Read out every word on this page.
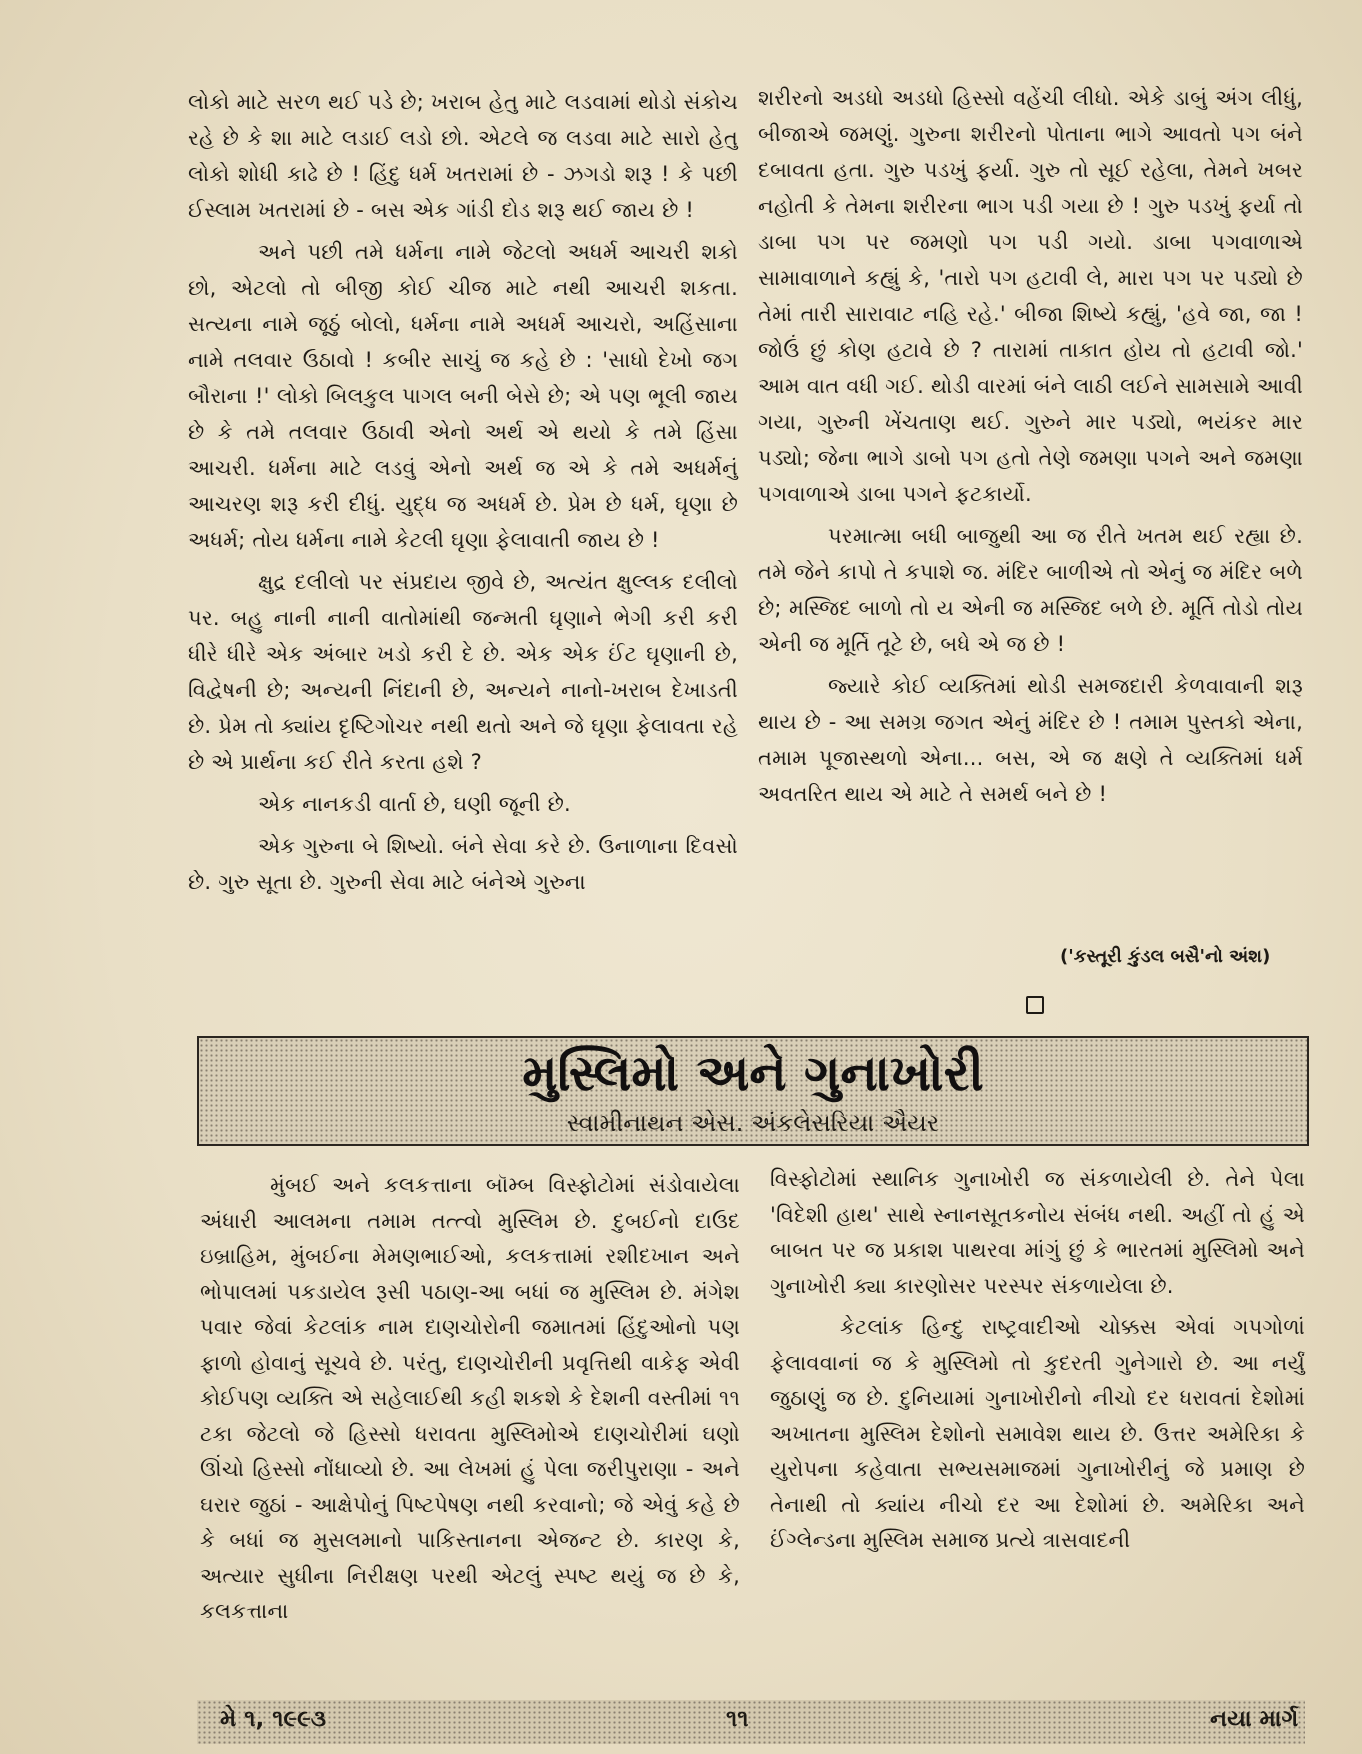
લોકો માટે સરળ થઈ પડે છે; ખરાબ હેતુ માટે લડવામાં થોડો સંકોચ રહે છે કે શા માટે લડાઈ લડો છો. એટલે જ લડવા માટે સારો હેતુ લોકો શોધી કાઢે છે ! હિંદુ ધર્મ ખતરામાં છે - ઝગડો શરૂ ! કે પછી ઈસ્લામ ખતરામાં છે - બસ એક ગાંડી દોડ શરૂ થઈ જાય છે !

અને પછી તમે ધર્મના નામે જેટલો અધર્મ આચરી શકો છો, એટલો તો બીજી કોઈ ચીજ માટે નથી આચરી શકતા. સત્યના નામે જૂઠું બોલો, ધર્મના નામે અધર્મ આચરો, અહિંસાના નામે તલવાર ઉઠાવો ! કબીર સાચું જ કહે છે : 'સાધો દેખો જગ બૌરાના !' લોકો બિલકુલ પાગલ બની બેસે છે; એ પણ ભૂલી જાય છે કે તમે તલવાર ઉઠાવી એનો અર્થ એ થયો કે તમે હિંસા આચરી. ધર્મના માટે લડવું એનો અર્થ જ એ કે તમે અધર્મનું આચરણ શરૂ કરી દીધું. યુદ્ધ જ અધર્મ છે. પ્રેમ છે ધર્મ, ઘૃણા છે અધર્મ; તોય ધર્મના નામે કેટલી ઘૃણા ફેલાવાતી જાય છે !

ક્ષુદ્ર દલીલો પર સંપ્રદાય જીવે છે, અત્યંત ક્ષુલ્લક દલીલો પર. બહુ નાની નાની વાતોમાંથી જન્મતી ઘૃણાને ભેગી કરી કરી ધીરે ધીરે એક અંબાર ખડો કરી દે છે. એક એક ઈંટ ઘૃણાની છે, વિદ્વેષની છે; અન્યની નિંદાની છે, અન્યને નાનો-ખરાબ દેખાડતી છે. પ્રેમ તો ક્યાંય દૃષ્ટિગોચર નથી થતો અને જે ઘૃણા ફેલાવતા રહે છે એ પ્રાર્થના કઈ રીતે કરતા હશે ?

એક નાનકડી વાર્તા છે, ઘણી જૂની છે.

એક ગુરુના બે શિષ્યો. બંને સેવા કરે છે. ઉનાળાના દિવસો છે. ગુરુ સૂતા છે. ગુરુની સેવા માટે બંનેએ ગુરુના

શરીરનો અડધો અડધો હિસ્સો વહેંચી લીધો. એકે ડાબું અંગ લીધું, બીજાએ જમણું. ગુરુના શરીરનો પોતાના ભાગે આવતો પગ બંને દબાવતા હતા. ગુરુ પડખું ફર્યા. ગુરુ તો સૂઈ રહેલા, તેમને ખબર નહોતી કે તેમના શરીરના ભાગ પડી ગયા છે ! ગુરુ પડખું ફર્યા તો ડાબા પગ પર જમણો પગ પડી ગયો. ડાબા પગવાળાએ સામાવાળાને કહ્યું કે, 'તારો પગ હટાવી લે, મારા પગ પર પડ્યો છે તેમાં તારી સારાવાટ નહિ રહે.' બીજા શિષ્યે કહ્યું, 'હવે જા, જા ! જોઉં છું કોણ હટાવે છે ? તારામાં તાકાત હોય તો હટાવી જો.' આમ વાત વધી ગઈ. થોડી વારમાં બંને લાઠી લઈને સામસામે આવી ગયા, ગુરુની ખેંચતાણ થઈ. ગુરુને માર પડ્યો, ભયંકર માર પડ્યો; જેના ભાગે ડાબો પગ હતો તેણે જમણા પગને અને જમણા પગવાળાએ ડાબા પગને ફટકાર્યો.

પરમાત્મા બધી બાજુથી આ જ રીતે ખતમ થઈ રહ્યા છે. તમે જેને કાપો તે કપાશે જ. મંદિર બાળીએ તો એનું જ મંદિર બળે છે; મસ્જિદ બાળો તો ય એની જ મસ્જિદ બળે છે. મૂર્તિ તોડો તોય એની જ મૂર્તિ તૂટે છે, બધે એ જ છે !

જ્યારે કોઈ વ્યક્તિમાં થોડી સમજદારી કેળવાવાની શરૂ થાય છે - આ સમગ્ર જગત એનું મંદિર છે ! તમામ પુસ્તકો એના, તમામ પૂજાસ્થળો એના... બસ, એ જ ક્ષણે તે વ્યક્તિમાં ધર્મ અવતરિત થાય એ માટે તે સમર્થ બને છે !

('કસ્તૂરી કુંડલ બસૈ'નો અંશ)
મુસ્લિમો અને ગુનાખોરી
સ્વામીનાથન એસ. અંકલેસરિયા ઐયર

મુંબઈ અને કલકત્તાના બૉમ્બ વિસ્ફોટોમાં સંડોવાયેલા અંધારી આલમના તમામ તત્ત્વો મુસ્લિમ છે. દુબઈનો દાઉદ ઇબ્રાહિમ, મુંબઈના મેમણભાઈઓ, કલકત્તામાં રશીદખાન અને ભોપાલમાં પકડાયેલ રૂસી પઠાણ-આ બધાં જ મુસ્લિમ છે. મંગેશ પવાર જેવાં કેટલાંક નામ દાણચોરોની જમાતમાં હિંદુઓનો પણ ફાળો હોવાનું સૂચવે છે. પરંતુ, દાણચોરીની પ્રવૃત્તિથી વાકેફ એવી કોઈપણ વ્યક્તિ એ સહેલાઈથી કહી શકશે કે દેશની વસ્તીમાં ૧૧ ટકા જેટલો જે હિસ્સો ધરાવતા મુસ્લિમોએ દાણચોરીમાં ઘણો ઊંચો હિસ્સો નોંધાવ્યો છે. આ લેખમાં હું પેલા જરીપુરાણા - અને ઘરાર જુઠાં - આક્ષેપોનું પિષ્ટપેષણ નથી કરવાનો; જે એવું કહે છે કે બધાં જ મુસલમાનો પાકિસ્તાનના એજન્ટ છે. કારણ કે, અત્યાર સુધીના નિરીક્ષણ પરથી એટલું સ્પષ્ટ થયું જ છે કે, કલકત્તાના

વિસ્ફોટોમાં સ્થાનિક ગુનાખોરી જ સંકળાયેલી છે. તેને પેલા 'વિદેશી હાથ' સાથે સ્નાનસૂતકનોય સંબંધ નથી. અહીં તો હું એ બાબત પર જ પ્રકાશ પાથરવા માંગું છું કે ભારતમાં મુસ્લિમો અને ગુનાખોરી ક્યા કારણોસર પરસ્પર સંકળાયેલા છે.

કેટલાંક હિન્દુ રાષ્ટ્રવાદીઓ ચોક્કસ એવાં ગપગોળાં ફેલાવવાનાં જ કે મુસ્લિમો તો કુદરતી ગુનેગારો છે. આ નર્યું જુઠાણું જ છે. દુનિયામાં ગુનાખોરીનો નીચો દર ધરાવતાં દેશોમાં અખાતના મુસ્લિમ દેશોનો સમાવેશ થાય છે. ઉત્તર અમેરિકા કે યુરોપના કહેવાતા સભ્યસમાજમાં ગુનાખોરીનું જે પ્રમાણ છે તેનાથી તો ક્યાંય નીચો દર આ દેશોમાં છે. અમેરિકા અને ઈંગ્લેન્ડના મુસ્લિમ સમાજ પ્રત્યે ત્રાસવાદની

મે ૧, ૧૯૯૩	૧૧	નયા માર્ગ
